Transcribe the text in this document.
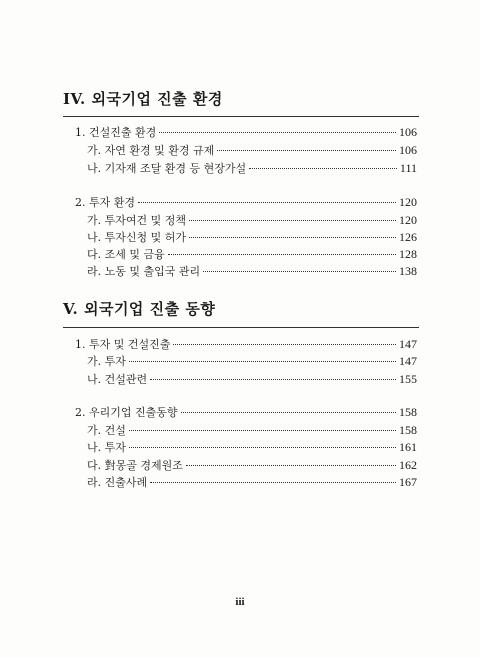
IV. 외국기업 진출 환경
1. 건설진출 환경	106
가. 자연 환경 및 환경 규제	106
나. 기자재 조달 환경 등 현장가설	111
2. 투자 환경	120
가. 투자여건 및 정책	120
나. 투자신청 및 허가	126
다. 조세 및 금융	128
라. 노동 및 출입국 관리	138
V. 외국기업 진출 동향
1. 투자 및 건설진출	147
가. 투자	147
나. 건설관련	155
2. 우리기업 진출동향	158
가. 건설	158
나. 투자	161
다. 對몽골 경제원조	162
라. 진출사례	167
iii
